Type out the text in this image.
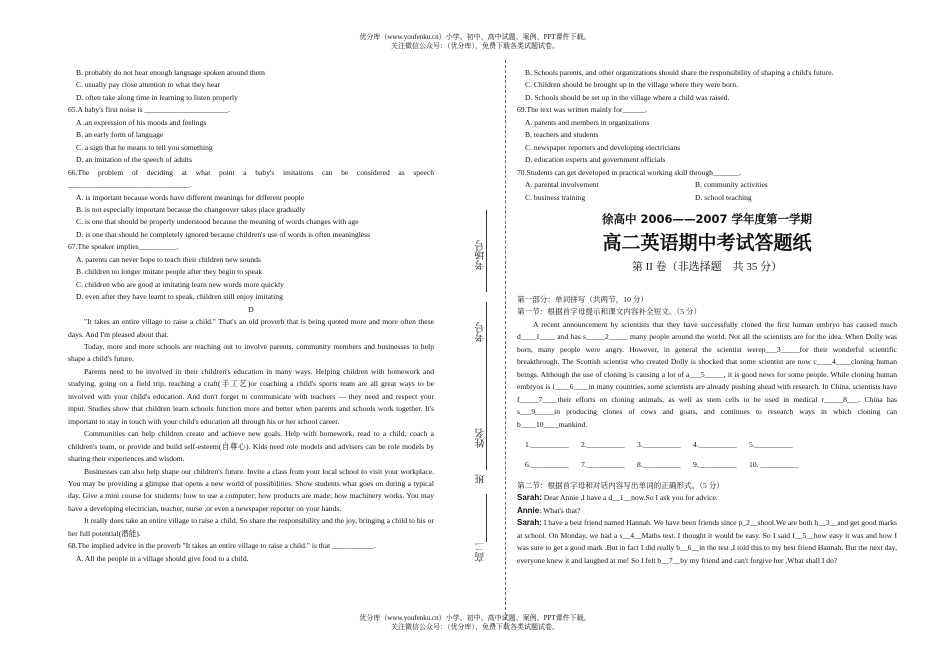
优分库（www.youfenku.cn）小学、初中、高中试题、案例、PPT课件下载。
关注微信公众号：（优分库），免费下载各类试题试卷。
B. probably do not hear enough language spoken around them
C. usually pay close attention to what they hear
D. often take along time in learning to listen properly
65.A baby's first noise is ______________________.
A .an expression of his moods and feelings
B. an early form of language
C. a sign that he means to tell you something
D. an imitation of the speech of adults
66.The problem of deciding at what point a baby's imitations can be considered as speech ________________________________.
A. is important because words have different meanings for different people
B. is not especially important because the changeover takes place gradually
C. is one that should be properly understood because the meaning of words changes with age
D. is one that should be completely ignored because children's use of words is often meaningless
67.The speaker implies__________.
A. parents can never hope to teach their children new sounds
B. children no longer imitate people after they begin to speak
C. children who are good at imitating learn new words more quickly
D. even after they have learnt to speak, children still enjoy imitating
D
"It takes an entire village to raise a child." That's an old proverb that is being quoted more and more often these days. And I'm pleased about that.
Today, more and more schools are reaching out to involve parents, community members and businesses to help shape a child's future.
Parents need to be involved in their children's education in many ways. Helping children with homework and studying, going on a field trip, teaching a craft(手工艺)or coaching a child's sports team are all great ways to be involved with your child's education. And don't forget to communicate with teachers — they need and respect your input. Studies show that children learn schools function more and better when parents and schools work together. It's important to stay in touch with your child's education all through his or her school career.
Communities can help children create and achieve new goals. Help with homework, read to a child, coach a children's team, or provide and build self-esteem(自尊心). Kids need role models and advisers can be role models by sharing their experiences and wisdom.
Businesses can also help shape our children's future. Invite a class from your local school to visit your workplace. You may be providing a glimpse that opens a new world of possibilities. Show students what goes on during a typical day. Give a mini course for students: how to use a computer; how products are made; how machinery works. You may have a developing electrician, teacher, nurse ,or even a newspaper reporter on your hands.
It really does take an entire village to raise a child. So share the responsibility and the joy, bringing a child to his or her full potential(潜能).
68.The implied advice in the proverb "It takes an entire village to raise a child." is that ___________.
A. All the people in a village should give food to a child.
B. Schools parents, and other organizations should share the responsibility of shaping a child's future.
C. Children should be brought up in the village where they were born.
D. Schools should be set up in the village where a child was raised.
69.The text was written mainly for______.
A. parents and members in organizations
B. teachers and students
C. newspaper reporters and developing electricians
D. education experts and government officials
70.Students can get developed in practical working skill through_______.
A. parental involvement	B. community activities
C. business training	D. school teaching
徐高中 2006——2007 学年度第一学期
高二英语期中考试答题纸
第 II 卷（非选择题　共 35 分）
第一部分：单词拼写（共两节，10 分）
第一节：根据首字母提示和课文内容补全短文。（5 分）
A recent announcement by scientists that they have successfully cloned the first human embryo has caused much d____1____ and has s_____2_____ many people around the world. Not all the scientists are for the idea. When Dolly was born, many people were angry. However, in general the scientist werep___3_____for their wonderful scientific breakthrough. The Scottish scientist who created Dolly is shocked that some scientist are now c____4____cloning human beings. Although the use of cloning is causing a lot of a___5_____, it is good news for some people. While cloning human embryos is i____6____in many countries, some scientists are already pushing ahead with research. In China, scientists have f_____7____their efforts on cloning animals, as well as stem cells to be used in medical r_____8___. China has s___9_____in producing clones of cows and goats, and continues to research ways in which cloning can b____10____mankind.
1.__________	2.__________	3.__________	4.__________	5.__________
6.__________	7.__________	8.__________	9.__________	10. __________
第二节：根据首字母和对话内容写出单词的正确形式。（5 分）
Sarah: Dear Annie ,I have a d__1__now.So I ask you for advice.
Annie: What's that?
Sarah: I have a best friend named Hannah. We have been friends since p_2__shool.We are both h__3__and get good marks at school. On Monday, we had a s__4__Maths test. I thought it would be easy. So I said I__5__how easy it was and how I was sure to get a good mark .But in fact I did really b__6__in the test ,I told this to my best friend Hannah. But the next day, everyone knew it and laughed at me! So I felt b__7__by my friend and can't forgive her ,What shall I do?
考场号
考号
姓名
班
高二
优分库（www.youfenku.cn）小学、初中、高中试题、案例、PPT课件下载。
关注微信公众号：（优分库），免费下载各类试题试卷。
